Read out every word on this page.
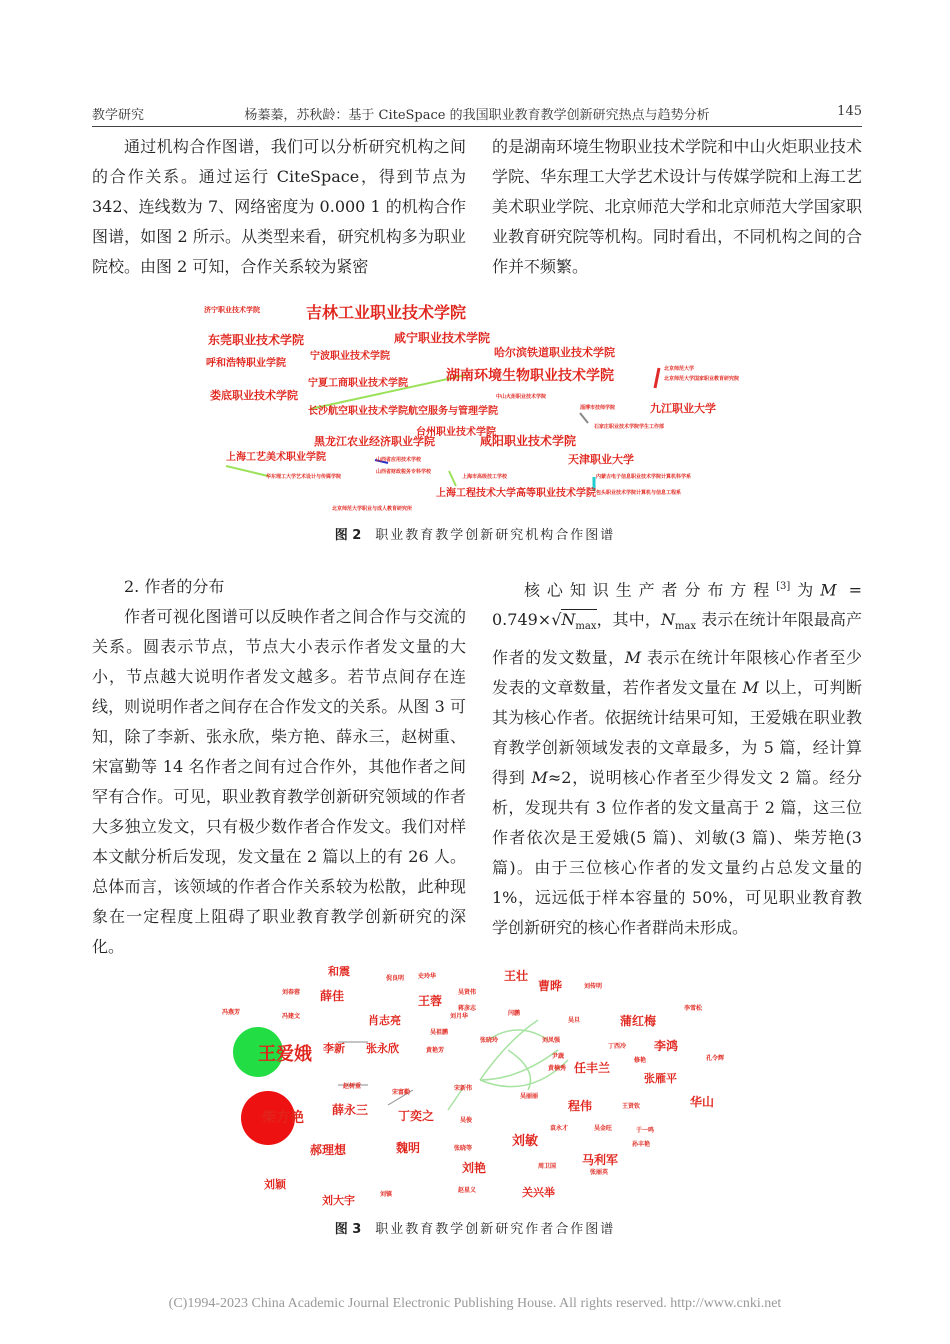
教学研究	杨蓁蓁，苏秋龄：基于 CiteSpace 的我国职业教育教学创新研究热点与趋势分析	145

通过机构合作图谱，我们可以分析研究机构之间的合作关系。通过运行 CiteSpace，得到节点为 342、连线数为 7、网络密度为 0.000 1 的机构合作图谱，如图 2 所示。从类型来看，研究机构多为职业院校。由图 2 可知，合作关系较为紧密

的是湖南环境生物职业技术学院和中山火炬职业技术学院、华东理工大学艺术设计与传媒学院和上海工艺美术职业学院、北京师范大学和北京师范大学国家职业教育研究院等机构。同时看出，不同机构之间的合作并不频繁。

济宁职业技术学院	吉林工业职业技术学院
东莞职业技术学院	咸宁职业技术学院
哈尔滨铁道职业技术学院
呼和浩特职业学院
宁波职业技术学院
北京师范大学
北京师范大学国家职业教育研究院
湖南环境生物职业技术学院
宁夏工商职业技术学院
中山火炬职业技术学院
娄底职业技术学院
淄博市技师学院	九江职业大学
长沙航空职业技术学院航空服务与管理学院
石家庄职业技术学院学生工作部
台州职业技术学院
黑龙江农业经济职业学院	咸阳职业技术学院
天津职业大学
上海工艺美术职业学院	山西省应用技术学校
山西省财政税务专科学校
内蒙古电子信息职业技术学院计算机科学系
华东理工大学艺术设计与传媒学院	上海市高级技工学校
上海工程技术大学高等职业技术学院 包头职业技术学院计算机与信息工程系
北京师范大学职业与成人教育研究所
图 2 职业教育教学创新研究机构合作图谱

2. 作者的分布

作者可视化图谱可以反映作者之间合作与交流的关系。圆表示节点，节点大小表示作者发文量的大小，节点越大说明作者发文越多。若节点间存在连线，则说明作者之间存在合作发文的关系。从图 3 可知，除了李新、张永欣，柴方艳、薛永三，赵树重、宋富勤等 14 名作者之间有过合作外，其他作者之间罕有合作。可见，职业教育教学创新研究领域的作者大多独立发文，只有极少数作者合作发文。我们对样本文献分析后发现，发文量在 2 篇以上的有 26 人。总体而言，该领域的作者合作关系较为松散，此种现象在一定程度上阻碍了职业教育教学创新研究的深化。

核心知识生产者分布方程[3]为$M = 0.749\times√N_{max}$，其中，$N_{max}$ 表示在统计年限最高产作者的发文数量，M 表示在统计年限核心作者至少发表的文章数量，若作者发文量在 M 以上，可判断其为核心作者。依据统计结果可知，王爱娥在职业教育教学创新领域发表的文章最多，为 5 篇，经计算得到 M≈2，说明核心作者至少得发文 2 篇。经分析，发现共有 3 位作者的发文量高于 2 篇，这三位作者依次是王爱娥(5 篇)、刘敏(3 篇)、柴芳艳(3 篇)。由于三位核心作者的发文量约占总发文量的 1%，远远低于样本容量的 50%，可见职业教育教学创新研究的核心作者群尚未形成。

和震
倪良明 史玲华	王壮
曹晔	刘传明
刘春蓉	吴贤伟
冯燕芳
薛佳
冯建文
王蓉
蒋彦志
刘月华	闫鹏
吴旦	蒲红梅
李雪松
肖志亮
吴祖鹏
张晓玲	刘凤强
丁西冷 李鸿
孔令辉
王爱娥 李新 张永欣	黄艳芳
尹蔬
黄楠秀
修艳
任丰兰
张雁平
赵树重
宋富勤
宋新伟
吴丽丽
柴方艳 薛永三 丁奕之	吴俊
程伟	王贤钦	华山
袁永才	吴金旺	于一鸣
郝理想	魏明	张晓等	刘敏
周卫国 马利军
孙丰艳
张丽英
刘颖
刘艳
赵星义	关兴举
刘大宇	刘镇
图 3 职业教育教学创新研究作者合作图谱
(C)1994-2023 China Academic Journal Electronic Publishing House. All rights reserved. http://www.cnki.net
